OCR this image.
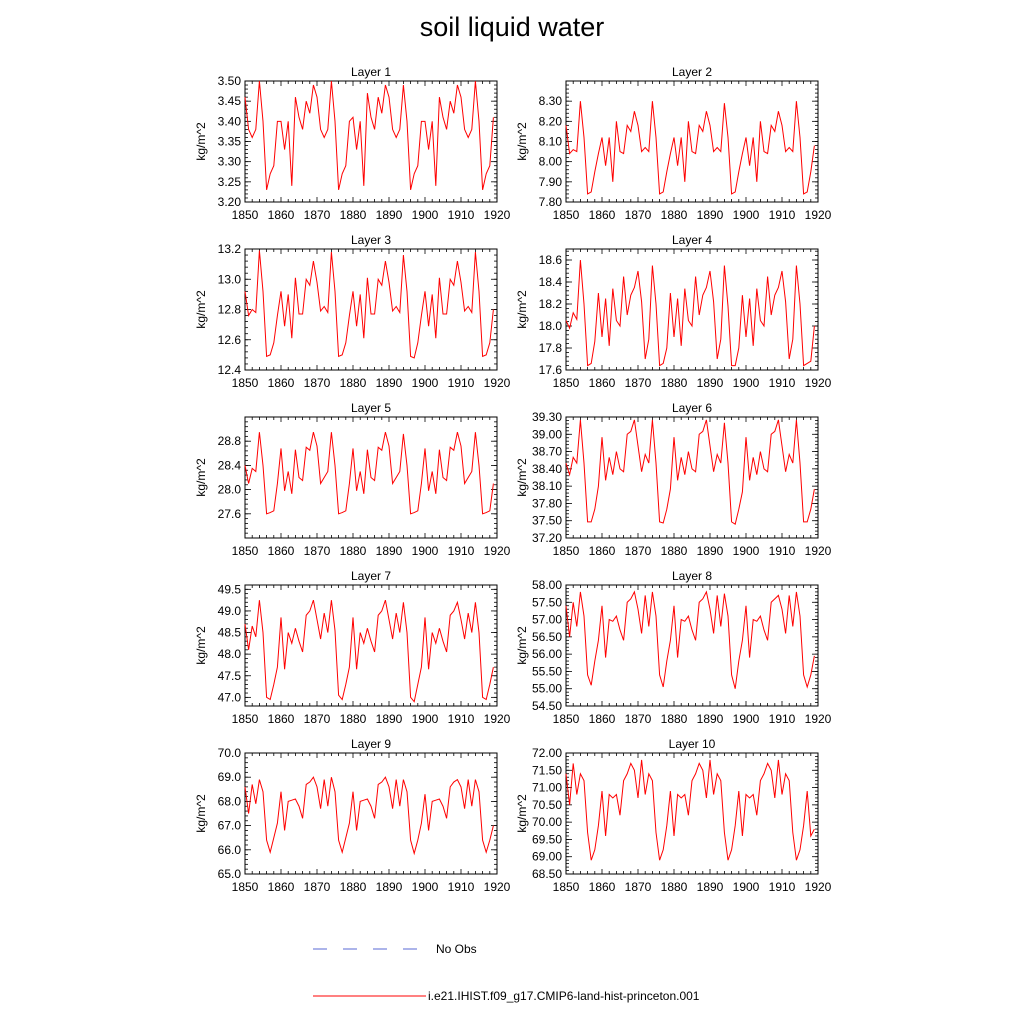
soil liquid water
1850 1860 1870 1880 1890 1900 1910 1920
3.20
3.25
3.30
3.35
3.40
3.45
3.50
Layer 1
kg/m^2
1850 1860 1870 1880 1890 1900 1910 1920
7.80
7.90
8.00
8.10
8.20
8.30
Layer 2
kg/m^2
1850 1860 1870 1880 1890 1900 1910 1920
12.4
12.6
12.8
13.0
13.2
Layer 3
kg/m^2
1850 1860 1870 1880 1890 1900 1910 1920
17.6
17.8
18.0
18.2
18.4
18.6
Layer 4
kg/m^2
1850 1860 1870 1880 1890 1900 1910 1920
27.6
28.0
28.4
28.8
Layer 5
kg/m^2
1850 1860 1870 1880 1890 1900 1910 1920
37.20
37.50
37.80
38.10
38.40
38.70
39.00
39.30
Layer 6
kg/m^2
1850 1860 1870 1880 1890 1900 1910 1920
47.0
47.5
48.0
48.5
49.0
49.5
Layer 7
kg/m^2
1850 1860 1870 1880 1890 1900 1910 1920
54.50
55.00
55.50
56.00
56.50
57.00
57.50
58.00
Layer 8
kg/m^2
1850 1860 1870 1880 1890 1900 1910 1920
65.0
66.0
67.0
68.0
69.0
70.0
Layer 9
kg/m^2
1850 1860 1870 1880 1890 1900 1910 1920
68.50
69.00
69.50
70.00
70.50
71.00
71.50
72.00
Layer 10
kg/m^2
No Obs
i.e21.IHIST.f09_g17.CMIP6-land-hist-princeton.001
